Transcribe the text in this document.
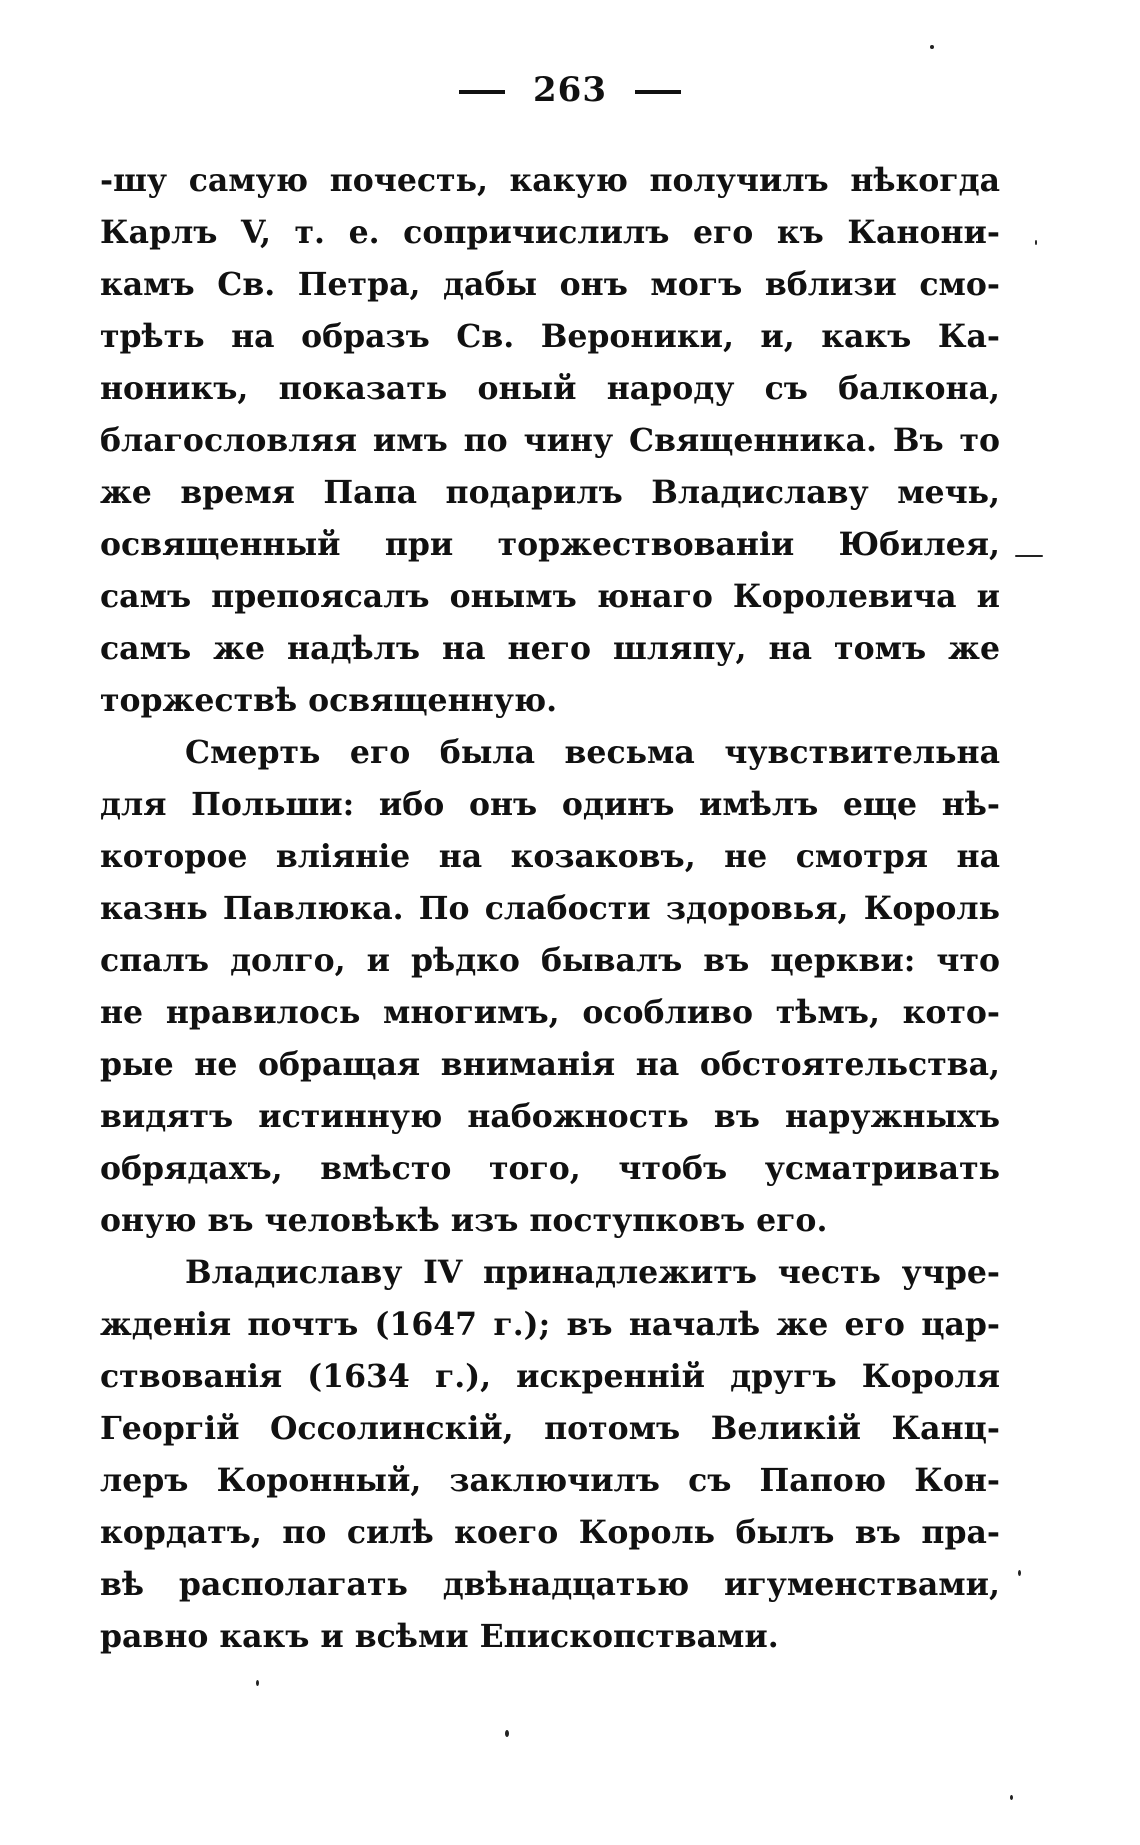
263
-шу самую почесть, какую получилъ нѣкогда
Карлъ V, т. е. сопричислилъ его къ Канони-
камъ Св. Петра, дабы онъ могъ вблизи смо-
трѣть на образъ Св. Вероники, и, какъ Ка-
ноникъ, показать оный народу съ балкона,
благословляя имъ по чину Священника. Въ то
же время Папа подарилъ Владиславу мечь,
освященный при торжествованіи Юбилея,
самъ препоясалъ онымъ юнаго Королевича и
самъ же надѣлъ на него шляпу, на томъ же
торжествѣ освященную.
Смерть его была весьма чувствительна
для Польши: ибо онъ одинъ имѣлъ еще нѣ-
которое вліяніе на козаковъ, не смотря на
казнь Павлюка. По слабости здоровья, Король
спалъ долго, и рѣдко бывалъ въ церкви: что
не нравилось многимъ, особливо тѣмъ, кото-
рые не обращая вниманія на обстоятельства,
видятъ истинную набожность въ наружныхъ
обрядахъ, вмѣсто того, чтобъ усматривать
оную въ человѣкѣ изъ поступковъ его.
Владиславу IV принадлежитъ честь учре-
жденія почтъ (1647 г.); въ началѣ же его цар-
ствованія (1634 г.), искренній другъ Короля
Георгій Оссолинскій, потомъ Великій Канц-
леръ Коронный, заключилъ съ Папою Кон-
кордатъ, по силѣ коего Король былъ въ пра-
вѣ располагать двѣнадцатью игуменствами,
равно какъ и всѣми Епископствами.
